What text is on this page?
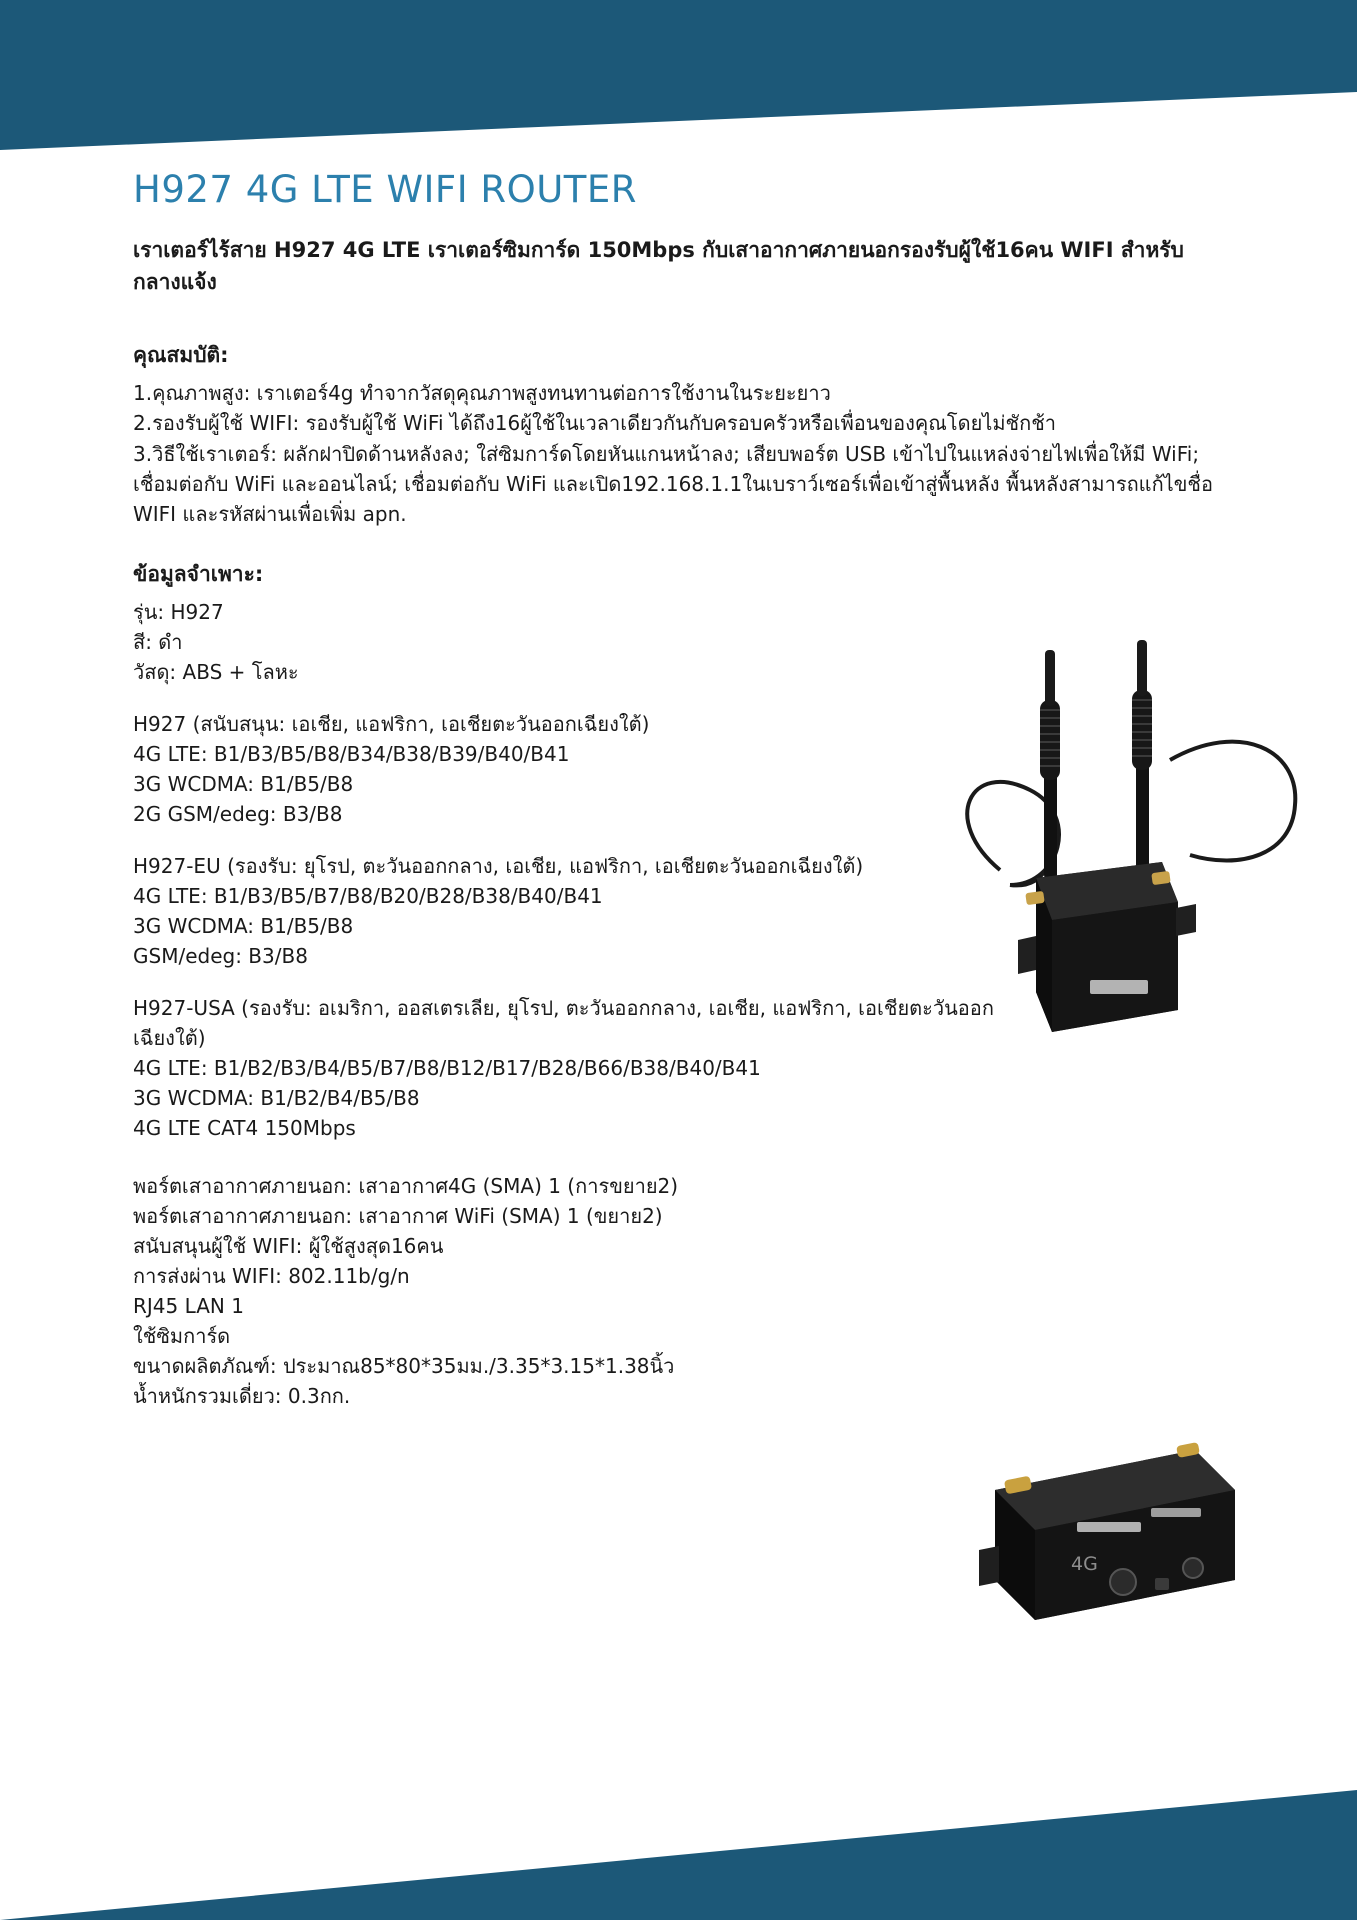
4G
H927 4G LTE WIFI ROUTER

เราเตอร์ไร้สาย H927 4G LTE เราเตอร์ซิมการ์ด 150Mbps กับเสาอากาศภายนอกรองรับผู้ใช้16คน WIFI สำหรับกลางแจ้ง

คุณสมบัติ:

1.คุณภาพสูง: เราเตอร์4g ทำจากวัสดุคุณภาพสูงทนทานต่อการใช้งานในระยะยาว

2.รองรับผู้ใช้ WIFI: รองรับผู้ใช้ WiFi ได้ถึง16ผู้ใช้ในเวลาเดียวกันกับครอบครัวหรือเพื่อนของคุณโดยไม่ชักช้า

3.วิธีใช้เราเตอร์: ผลักฝาปิดด้านหลังลง; ใส่ซิมการ์ดโดยหันแกนหน้าลง; เสียบพอร์ต USB เข้าไปในแหล่งจ่ายไฟเพื่อให้มี WiFi; เชื่อมต่อกับ WiFi และออนไลน์; เชื่อมต่อกับ WiFi และเปิด192.168.1.1ในเบราว์เซอร์เพื่อเข้าสู่พื้นหลัง พื้นหลังสามารถแก้ไขชื่อ WIFI และรหัสผ่านเพื่อเพิ่ม apn.

ข้อมูลจำเพาะ:

รุ่น: H927

สี: ดำ

วัสดุ: ABS + โลหะ

H927 (สนับสนุน: เอเชีย, แอฟริกา, เอเชียตะวันออกเฉียงใต้)

4G LTE: B1/B3/B5/B8/B34/B38/B39/B40/B41

3G WCDMA: B1/B5/B8

2G GSM/edeg: B3/B8

H927-EU (รองรับ: ยุโรป, ตะวันออกกลาง, เอเชีย, แอฟริกา, เอเชียตะวันออกเฉียงใต้)

4G LTE: B1/B3/B5/B7/B8/B20/B28/B38/B40/B41

3G WCDMA: B1/B5/B8

GSM/edeg: B3/B8

H927-USA (รองรับ: อเมริกา, ออสเตรเลีย, ยุโรป, ตะวันออกกลาง, เอเชีย, แอฟริกา, เอเชียตะวันออกเฉียงใต้)

4G LTE: B1/B2/B3/B4/B5/B7/B8/B12/B17/B28/B66/B38/B40/B41

3G WCDMA: B1/B2/B4/B5/B8

4G LTE CAT4 150Mbps

พอร์ตเสาอากาศภายนอก: เสาอากาศ4G (SMA) 1 (การขยาย2)

พอร์ตเสาอากาศภายนอก: เสาอากาศ WiFi (SMA) 1 (ขยาย2)

สนับสนุนผู้ใช้ WIFI: ผู้ใช้สูงสุด16คน

การส่งผ่าน WIFI: 802.11b/g/n

RJ45 LAN 1

ใช้ซิมการ์ด

ขนาดผลิตภัณฑ์: ประมาณ85*80*35มม./3.35*3.15*1.38นิ้ว

น้ำหนักรวมเดี่ยว: 0.3กก.
